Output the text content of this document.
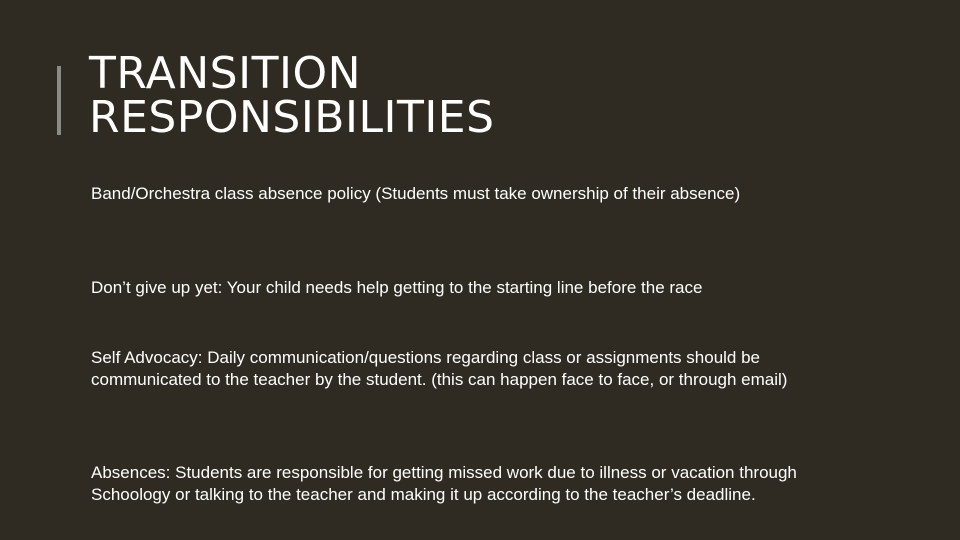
TRANSITION
RESPONSIBILITIES

Band/Orchestra class absence policy (Students must take ownership of their absence)

Don’t give up yet: Your child needs help getting to the starting line before the race

Self Advocacy: Daily communication/questions regarding class or assignments should be communicated to the teacher by the student. (this can happen face to face, or through email)

Absences: Students are responsible for getting missed work due to illness or vacation through Schoology or talking to the teacher and making it up according to the teacher’s deadline.
